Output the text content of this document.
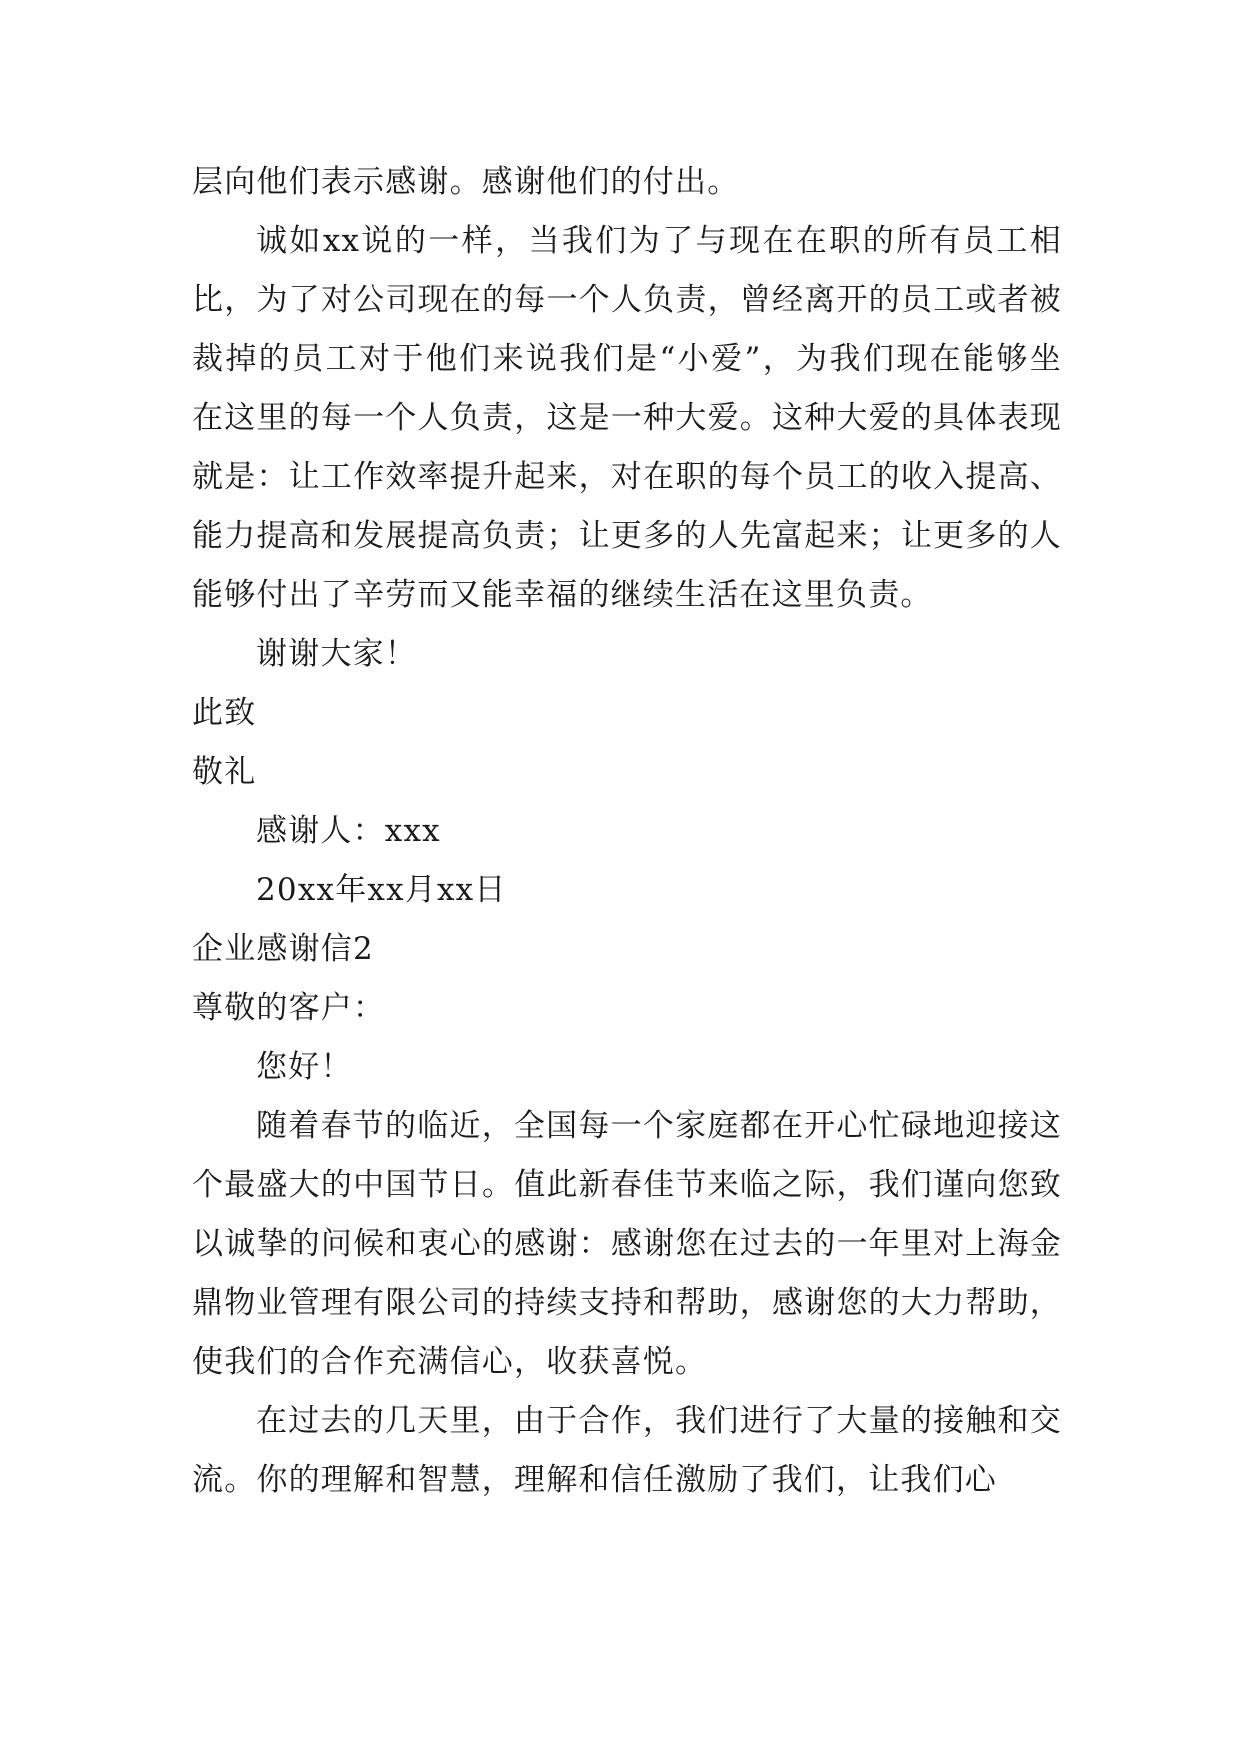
层向他们表示感谢。感谢他们的付出。

诚如xx说的一样，当我们为了与现在在职的所有员工相比，为了对公司现在的每一个人负责，曾经离开的员工或者被裁掉的员工对于他们来说我们是“小爱”，为我们现在能够坐在这里的每一个人负责，这是一种大爱。这种大爱的具体表现就是：让工作效率提升起来，对在职的每个员工的收入提高、能力提高和发展提高负责；让更多的人先富起来；让更多的人能够付出了辛劳而又能幸福的继续生活在这里负责。

谢谢大家！

此致

敬礼

感谢人：xxx

20xx年xx月xx日

企业感谢信2

尊敬的客户：

您好！

随着春节的临近，全国每一个家庭都在开心忙碌地迎接这个最盛大的中国节日。值此新春佳节来临之际，我们谨向您致以诚挚的问候和衷心的感谢：感谢您在过去的一年里对上海金鼎物业管理有限公司的持续支持和帮助，感谢您的大力帮助，使我们的合作充满信心，收获喜悦。

在过去的几天里，由于合作，我们进行了大量的接触和交流。你的理解和智慧，理解和信任激励了我们，让我们心
